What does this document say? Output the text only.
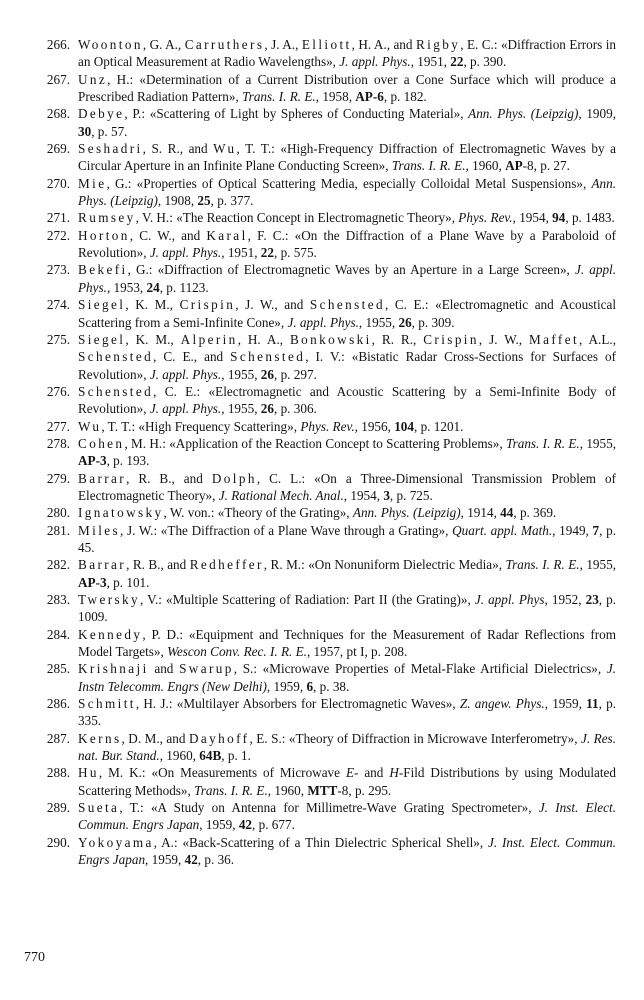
266. Woonton, G. A., Carruthers, J. A., Elliott, H. A., and Rigby, E. C.: «Diffraction Errors in an Optical Measurement at Radio Wavelengths», J. appl. Phys., 1951, 22, p. 390.
267. Unz, H.: «Determination of a Current Distribution over a Cone Surface which will produce a Prescribed Radiation Pattern», Trans. I. R. E., 1958, AP-6, p. 182.
268. Debye, P.: «Scattering of Light by Spheres of Conducting Material», Ann. Phys. (Leipzig), 1909, 30, p. 57.
269. Seshadri, S. R., and Wu, T. T.: «High-Frequency Diffraction of Electromagnetic Waves by a Circular Aperture in an Infinite Plane Conducting Screen», Trans. I. R. E., 1960, AP-8, p. 27.
270. Mie, G.: «Properties of Optical Scattering Media, especially Colloidal Metal Suspensions», Ann. Phys. (Leipzig), 1908, 25, p. 377.
271. Rumsey, V. H.: «The Reaction Concept in Electromagnetic Theory», Phys. Rev., 1954, 94, p. 1483.
272. Horton, C. W., and Karal, F. C.: «On the Diffraction of a Plane Wave by a Paraboloid of Revolution», J. appl. Phys., 1951, 22, p. 575.
273. Bekefi, G.: «Diffraction of Electromagnetic Waves by an Aperture in a Large Screen», J. appl. Phys., 1953, 24, p. 1123.
274. Siegel, K. M., Crispin, J. W., and Schensted, C. E.: «Electromagnetic and Acoustical Scattering from a Semi-Infinite Cone», J. appl. Phys., 1955, 26, p. 309.
275. Siegel, K. M., Alperin, H. A., Bonkowski, R. R., Crispin, J. W., Maffet, A.L., Schensted, C. E., and Schensted, I. V.: «Bistatic Radar Cross-Sections for Surfaces of Revolution», J. appl. Phys., 1955, 26, p. 297.
276. Schensted, C. E.: «Electromagnetic and Acoustic Scattering by a Semi-Infinite Body of Revolution», J. appl. Phys., 1955, 26, p. 306.
277. Wu, T. T.: «High Frequency Scattering», Phys. Rev., 1956, 104, p. 1201.
278. Cohen, M. H.: «Application of the Reaction Concept to Scattering Problems», Trans. I. R. E., 1955, AP-3, p. 193.
279. Barrar, R. B., and Dolph, C. L.: «On a Three-Dimensional Transmission Problem of Electromagnetic Theory», J. Rational Mech. Anal., 1954, 3, p. 725.
280. Ignatowsky, W. von.: «Theory of the Grating», Ann. Phys. (Leipzig), 1914, 44, p. 369.
281. Miles, J. W.: «The Diffraction of a Plane Wave through a Grating», Quart. appl. Math., 1949, 7, p. 45.
282. Barrar, R. B., and Redheffer, R. M.: «On Nonuniform Dielectric Media», Trans. I. R. E., 1955, AP-3, p. 101.
283. Twersky, V.: «Multiple Scattering of Radiation: Part II (the Grating)», J. appl. Phys, 1952, 23, p. 1009.
284. Kennedy, P. D.: «Equipment and Techniques for the Measurement of Radar Reflections from Model Targets», Wescon Conv. Rec. I. R. E., 1957, pt I, p. 208.
285. Krishnaji and Swarup, S.: «Microwave Properties of Metal-Flake Artificial Dielectrics», J. Instn Telecomm. Engrs (New Delhi), 1959, 6, p. 38.
286. Schmitt, H. J.: «Multilayer Absorbers for Electromagnetic Waves», Z. angew. Phys., 1959, 11, p. 335.
287. Kerns, D. M., and Dayhoff, E. S.: «Theory of Diffraction in Microwave Interferometry», J. Res. nat. Bur. Stand., 1960, 64B, p. 1.
288. Hu, M. K.: «On Measurements of Microwave E- and H-Fild Distributions by using Modulated Scattering Methods», Trans. I. R. E., 1960, MTT-8, p. 295.
289. Sueta, T.: «A Study on Antenna for Millimetre-Wave Grating Spectrometer», J. Inst. Elect. Commun. Engrs Japan, 1959, 42, p. 677.
290. Yokoyama, A.: «Back-Scattering of a Thin Dielectric Spherical Shell», J. Inst. Elect. Commun. Engrs Japan, 1959, 42, p. 36.
770
